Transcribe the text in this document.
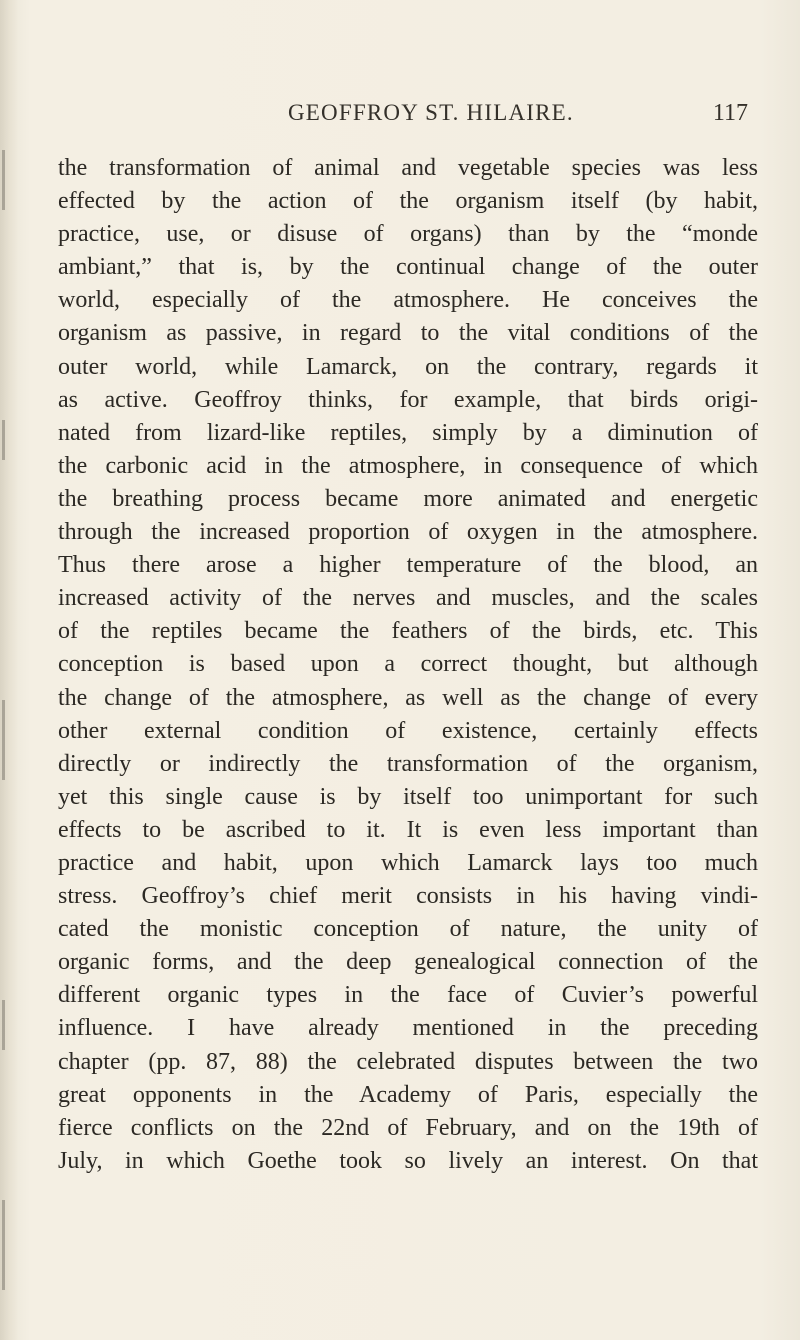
GEOFFROY ST. HILAIRE.	117
the transformation of animal and vegetable species was less
effected by the action of the organism itself (by habit,
practice, use, or disuse of organs) than by the “monde
ambiant,” that is, by the continual change of the outer
world, especially of the atmosphere. He conceives the
organism as passive, in regard to the vital conditions of the
outer world, while Lamarck, on the contrary, regards it
as active. Geoffroy thinks, for example, that birds origi-
nated from lizard-like reptiles, simply by a diminution of
the carbonic acid in the atmosphere, in consequence of which
the breathing process became more animated and energetic
through the increased proportion of oxygen in the atmosphere.
Thus there arose a higher temperature of the blood, an
increased activity of the nerves and muscles, and the scales
of the reptiles became the feathers of the birds, etc. This
conception is based upon a correct thought, but although
the change of the atmosphere, as well as the change of every
other external condition of existence, certainly effects
directly or indirectly the transformation of the organism,
yet this single cause is by itself too unimportant for such
effects to be ascribed to it. It is even less important than
practice and habit, upon which Lamarck lays too much
stress. Geoffroy’s chief merit consists in his having vindi-
cated the monistic conception of nature, the unity of
organic forms, and the deep genealogical connection of the
different organic types in the face of Cuvier’s powerful
influence. I have already mentioned in the preceding
chapter (pp. 87, 88) the celebrated disputes between the two
great opponents in the Academy of Paris, especially the
fierce conflicts on the 22nd of February, and on the 19th of
July, in which Goethe took so lively an interest. On that
